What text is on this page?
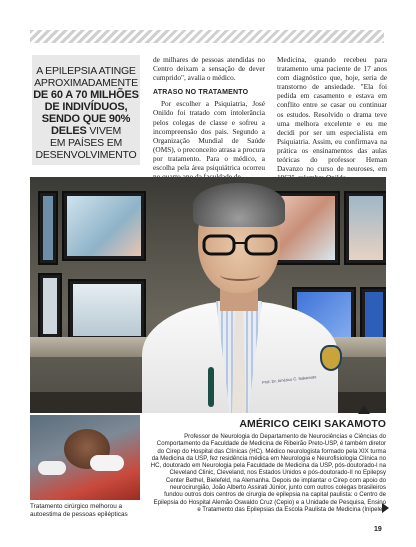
A EPILEPSIA ATINGE
APROXIMADAMENTE
DE 60 A 70 MILHÕES
DE INDIVÍDUOS,
SENDO QUE 90%
DELES VIVEM
EM PAÍSES EM
DESENVOLVIMENTO

de milhares de pessoas atendidas no Centro deixam a sensação de dever cumprido", avalia o médico.

ATRASO NO TRATAMENTO

Por escolher a Psiquiatria, José Onildo foi tratado com intolerância pelos colegas de classe e sofreu a incompreensão dos pais. Segundo a Organização Mundial de Saúde (OMS), o preconceito atrasa a procura por tratamento. Para o médico, a escolha pela área psiquiátrica ocorreu

Medicina, quando recebeu para tratamento uma paciente de 17 anos com diagnóstico que, hoje, seria de transtorno de ansiedade. "Ela foi pedida em casamento e estava em conflito entre se casar ou continuar os estudos. Resolvido o drama teve uma melhora excelente e eu me decidi por ser um especialista em Psiquiatria. Assim, eu confirmava na prática os ensinamentos das aulas teóricas do professor Heman Davanzo no curso de neuroses, em

Prof. Dr. Américo C. Sakamoto
Tratamento cirúrgico melhorou a autoestima de pessoas epilépticas
AMÉRICO CEIKI SAKAMOTO
Professor de Neurologia do Departamento de Neurociências e Ciências do Comportamento da Faculdade de Medicina de Ribeirão Preto-USP, é também diretor do Cirep do Hospital das Clínicas (HC). Médico neurologista formado pela XIX turma da Medicina da USP, fez residência médica em Neurologia e Neurofisiologia Clínica no HC, doutorado em Neurologia pela Faculdade de Medicina da USP, pós-doutorado-l na Cleveland Clinic, Cleveland, nos Estados Unidos e pós-doutorado-II no Epilepsy Center Bethel, Bielefeld, na Alemanha. Depois de implantar o Cirep com apoio do neurocirurgião, João Alberto Assirati Júnior, junto com outros colegas brasileiros fundou outros dois centros de cirurgia de epilepsia na capital paulista: o Centro de Epilepsia do Hospital Alemão Oswaldo Cruz (Cepio) e a Unidade de Pesquisa, Ensino e Tratamento das Epilepsias da Escola Paulista de Medicina (Inipele).
19
